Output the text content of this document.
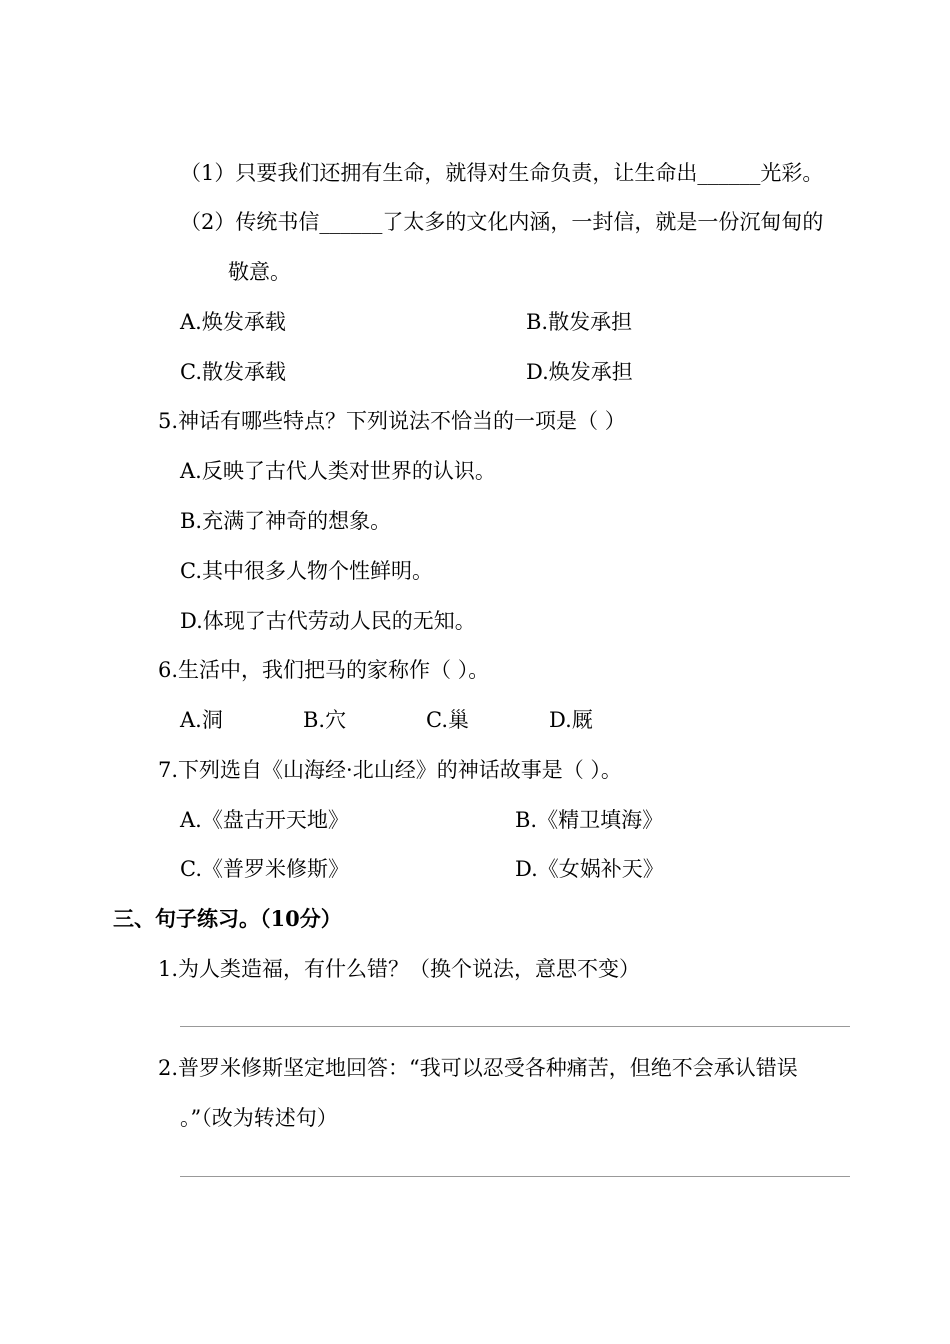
（1）只要我们还拥有生命，就得对生命负责，让生命出______光彩。
（2）传统书信______了太多的文化内涵，一封信，就是一份沉甸甸的
敬意。
A.焕发承载	B.散发承担
C.散发承载	D.焕发承担
5.神话有哪些特点？下列说法不恰当的一项是（ ）
A.反映了古代人类对世界的认识。
B.充满了神奇的想象。
C.其中很多人物个性鲜明。
D.体现了古代劳动人民的无知。
6.生活中，我们把马的家称作（ ）。
A.洞	B.穴	C.巢	D.厩
7.下列选自《山海经·北山经》的神话故事是（ ）。
A.《盘古开天地》	B.《精卫填海》
C.《普罗米修斯》	D.《女娲补天》
三、句子练习。（10分）
1.为人类造福，有什么错？（换个说法，意思不变）
2.普罗米修斯坚定地回答：“我可以忍受各种痛苦，但绝不会承认错误
。”（改为转述句）
